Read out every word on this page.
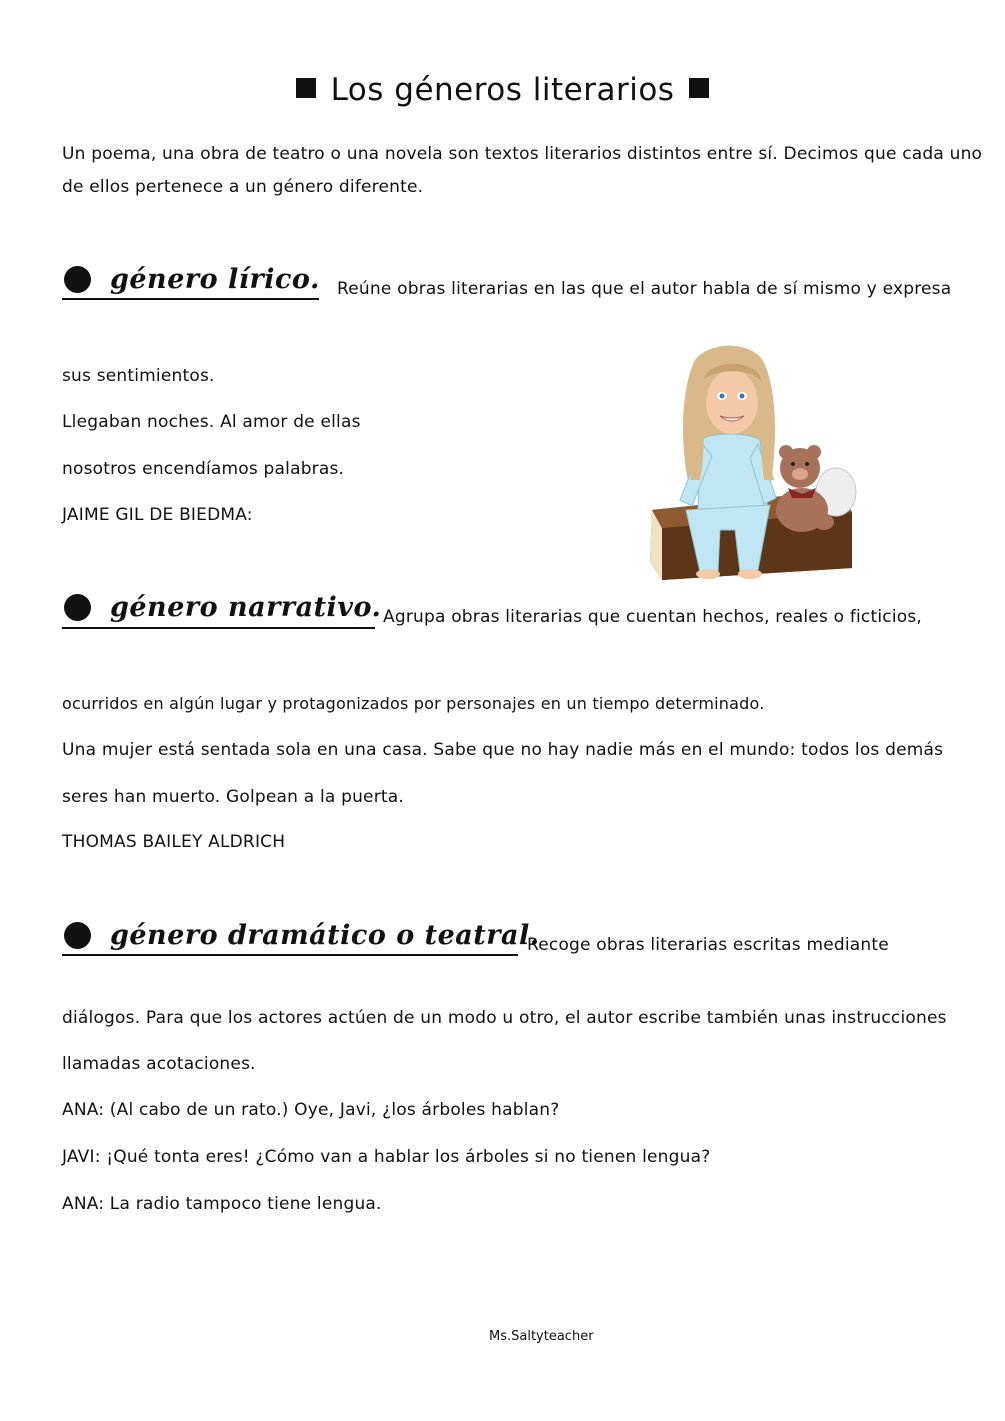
Los géneros literarios
Un poema, una obra de teatro o una novela son textos literarios distintos entre sí. Decimos que cada uno
de ellos pertenece a un género diferente.
género lírico. Reúne obras literarias en las que el autor habla de sí mismo y expresa
sus sentimientos.
Llegaban noches. Al amor de ellas
nosotros encendíamos palabras.
JAIME GIL DE BIEDMA:
género narrativo. Agrupa obras literarias que cuentan hechos, reales o ficticios,
ocurridos en algún lugar y protagonizados por personajes en un tiempo determinado.
Una mujer está sentada sola en una casa. Sabe que no hay nadie más en el mundo: todos los demás
seres han muerto. Golpean a la puerta.
THOMAS BAILEY ALDRICH
género dramático o teatral.
Recoge obras literarias escritas mediante
diálogos. Para que los actores actúen de un modo u otro, el autor escribe también unas instrucciones
llamadas acotaciones.
ANA: (Al cabo de un rato.) Oye, Javi, ¿los árboles hablan?
JAVI: ¡Qué tonta eres! ¿Cómo van a hablar los árboles si no tienen lengua?
ANA: La radio tampoco tiene lengua.
Ms.Saltyteacher
